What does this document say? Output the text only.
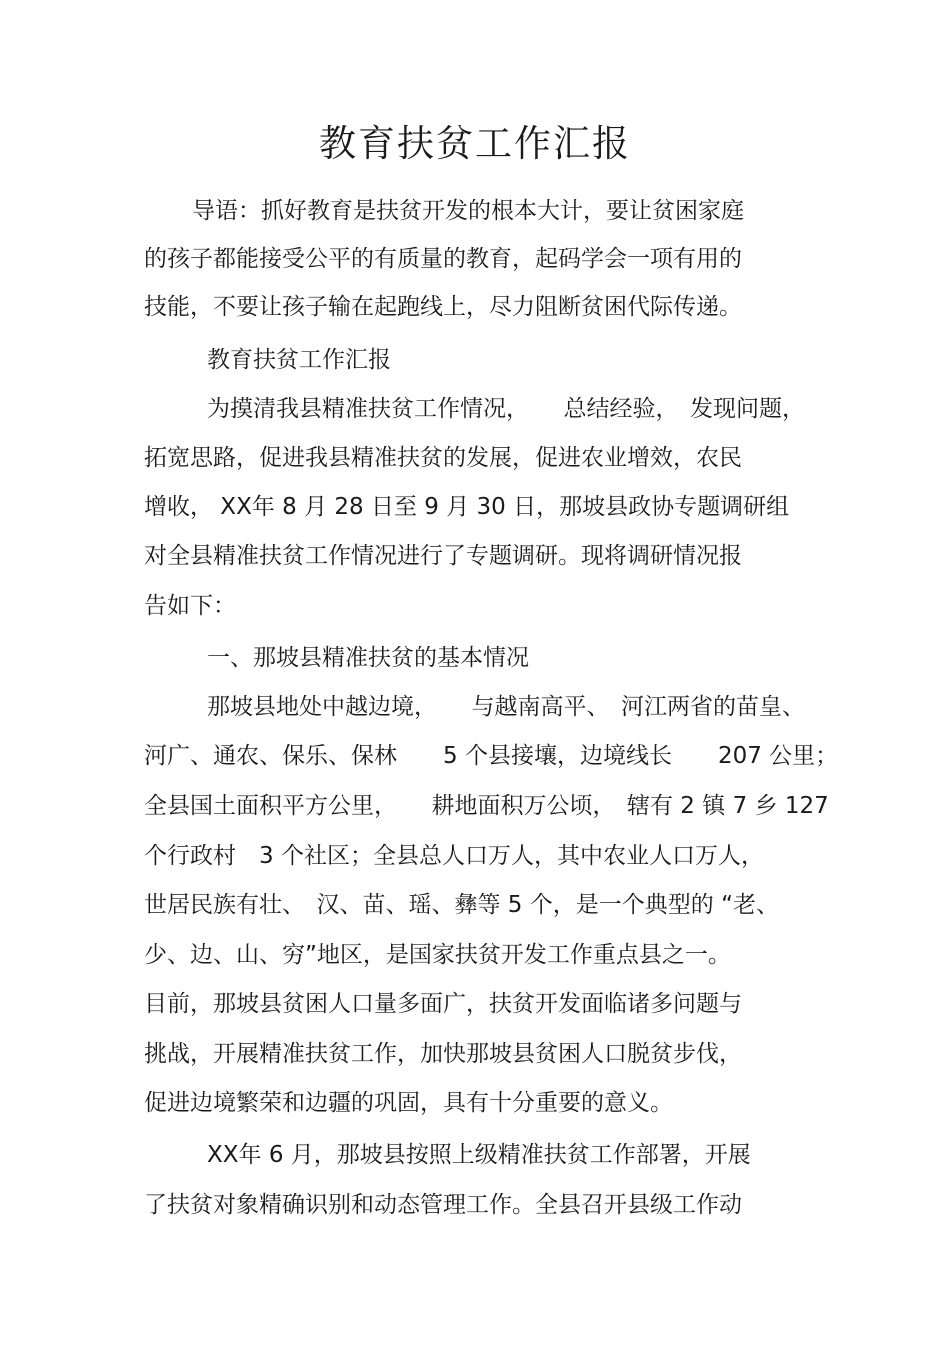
教育扶贫工作汇报
导语：抓好教育是扶贫开发的根本大计，要让贫困家庭
的孩子都能接受公平的有质量的教育，起码学会一项有用的
技能，不要让孩子输在起跑线上，尽力阻断贫困代际传递。
教育扶贫工作汇报
为摸清我县精准扶贫工作情况，　　总结经验，　发现问题，
拓宽思路，促进我县精准扶贫的发展，促进农业增效，农民
增收， XX年 8 月 28 日至 9 月 30 日，那坡县政协专题调研组
对全县精准扶贫工作情况进行了专题调研。现将调研情况报
告如下：
一、那坡县精准扶贫的基本情况
那坡县地处中越边境，　　与越南高平、　河江两省的苗皇、
河广、通农、保乐、保林　　5 个县接壤，边境线长　　207 公里；
全县国土面积平方公里，　　耕地面积万公顷，　辖有 2 镇 7 乡 127
个行政村　3 个社区；全县总人口万人，其中农业人口万人，
世居民族有壮、　汉、苗、瑶、彝等 5 个，是一个典型的 “老、
少、边、山、穷”地区，是国家扶贫开发工作重点县之一。
目前，那坡县贫困人口量多面广，扶贫开发面临诸多问题与
挑战，开展精准扶贫工作，加快那坡县贫困人口脱贫步伐，
促进边境繁荣和边疆的巩固，具有十分重要的意义。
XX年 6 月，那坡县按照上级精准扶贫工作部署，开展
了扶贫对象精确识别和动态管理工作。全县召开县级工作动
